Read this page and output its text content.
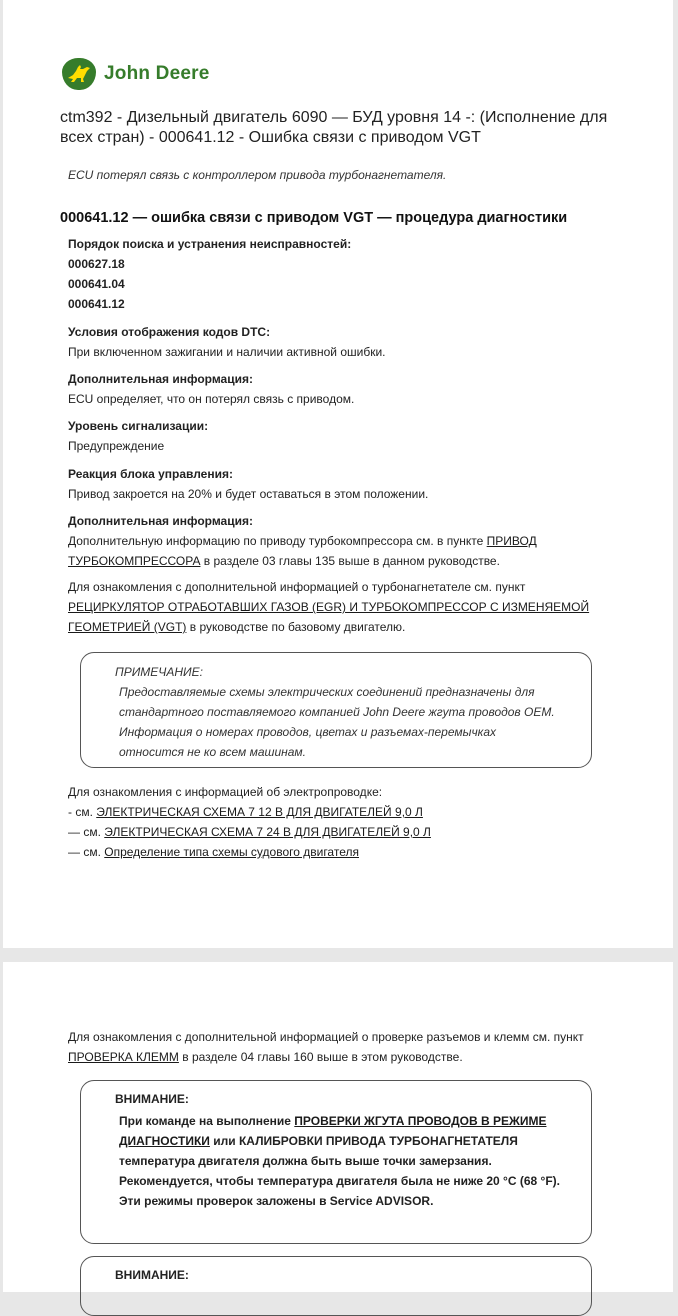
John Deere
ctm392 - Дизельный двигатель 6090 — БУД уровня 14 -: (Исполнение для всех стран) - 000641.12 - Ошибка связи с приводом VGT
ECU потерял связь с контроллером привода турбонагнетателя.
000641.12 — ошибка связи с приводом VGT — процедура диагностики
Порядок поиска и устранения неисправностей:
000627.18
000641.04
000641.12
Условия отображения кодов DTC:
При включенном зажигании и наличии активной ошибки.
Дополнительная информация:
ECU определяет, что он потерял связь с приводом.
Уровень сигнализации:
Предупреждение
Реакция блока управления:
Привод закроется на 20% и будет оставаться в этом положении.
Дополнительная информация:
Дополнительную информацию по приводу турбокомпрессора см. в пункте ПРИВОД ТУРБОКОМПРЕССОРА в разделе 03 главы 135 выше в данном руководстве.
Для ознакомления с дополнительной информацией о турбонагнетателе см. пункт РЕЦИРКУЛЯТОР ОТРАБОТАВШИХ ГАЗОВ (EGR) И ТУРБОКОМПРЕССОР С ИЗМЕНЯЕМОЙ ГЕОМЕТРИЕЙ (VGT) в руководстве по базовому двигателю.
ПРИМЕЧАНИЕ:
Предоставляемые схемы электрических соединений предназначены для стандартного поставляемого компанией John Deere жгута проводов OEM. Информация о номерах проводов, цветах и разъемах-перемычках относится не ко всем машинам.
Для ознакомления с информацией об электропроводке:
- см. ЭЛЕКТРИЧЕСКАЯ СХЕМА 7 12 В ДЛЯ ДВИГАТЕЛЕЙ 9,0 Л
— см. ЭЛЕКТРИЧЕСКАЯ СХЕМА 7 24 В ДЛЯ ДВИГАТЕЛЕЙ 9,0 Л
— см. Определение типа схемы судового двигателя
Для ознакомления с дополнительной информацией о проверке разъемов и клемм см. пункт ПРОВЕРКА КЛЕММ в разделе 04 главы 160 выше в этом руководстве.
ВНИМАНИЕ:
При команде на выполнение ПРОВЕРКИ ЖГУТА ПРОВОДОВ В РЕЖИМЕ ДИАГНОСТИКИ или КАЛИБРОВКИ ПРИВОДА ТУРБОНАГНЕТАТЕЛЯ температура двигателя должна быть выше точки замерзания. Рекомендуется, чтобы температура двигателя была не ниже 20 °C (68 °F). Эти режимы проверок заложены в Service ADVISOR.
ВНИМАНИЕ:
